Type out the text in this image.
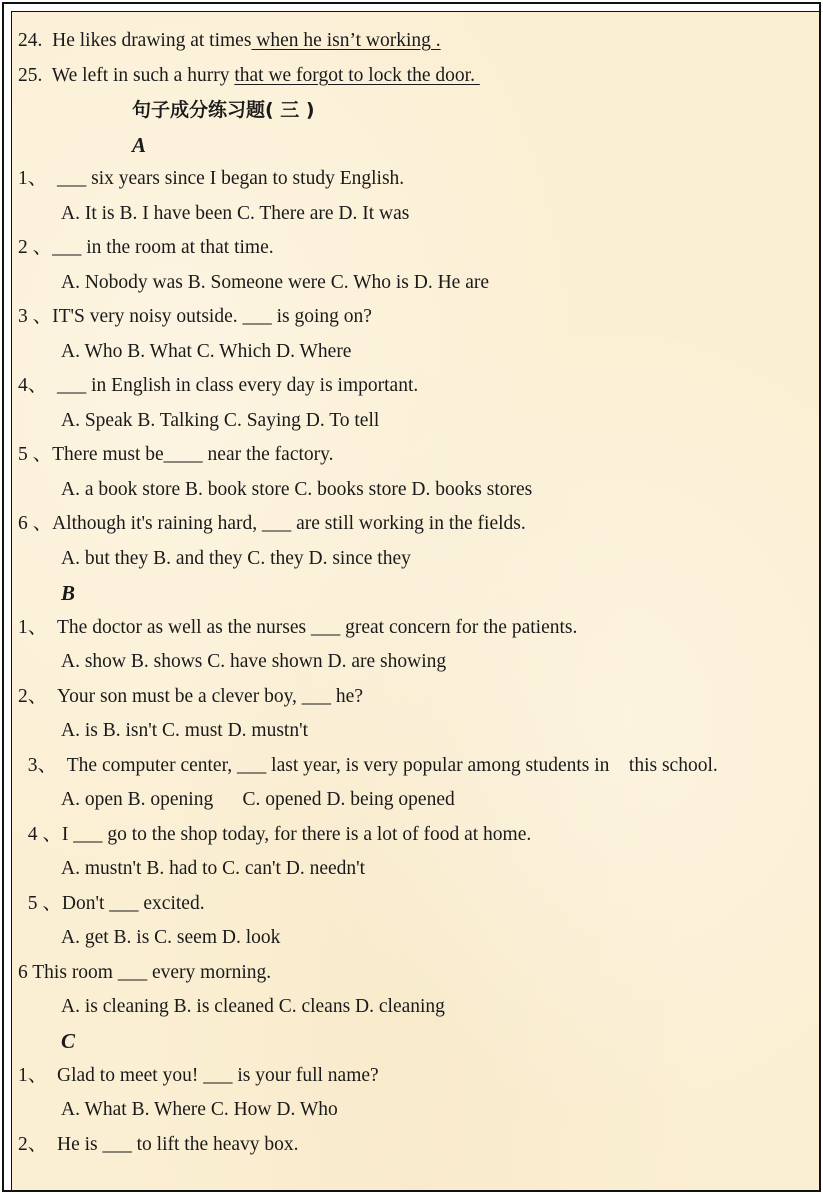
24. He likes drawing at times when he isn’t working .
25. We left in such a hurry that we forgot to lock the door.
句子成分练习题( 三 )
A
1、  ___ six years since I began to study English.
A. It is B. I have been C. There are D. It was
2 、___ in the room at that time.
A. Nobody was B. Someone were C. Who is D. He are
3 、IT'S very noisy outside. ___ is going on?
A. Who B. What C. Which D. Where
4、  ___ in English in class every day is important.
A. Speak B. Talking C. Saying D. To tell
5 、There must be____ near the factory.
A. a book store B. book store C. books store D. books stores
6 、Although it's raining hard, ___ are still working in the fields.
A. but they B. and they C. they D. since they
B
1、  The doctor as well as the nurses ___ great concern for the patients.
A. show B. shows C. have shown D. are showing
2、  Your son must be a clever boy, ___ he?
A. is B. isn't C. must D. mustn't
3、  The computer center, ___ last year, is very popular among students in    this school.
A. open B. opening      C. opened D. being opened
4 、I ___ go to the shop today, for there is a lot of food at home.
A. mustn't B. had to C. can't D. needn't
5 、Don't ___ excited.
A. get B. is C. seem D. look
6 This room ___ every morning.
A. is cleaning B. is cleaned C. cleans D. cleaning
C
1、  Glad to meet you! ___ is your full name?
A. What B. Where C. How D. Who
2、  He is ___ to lift the heavy box.
